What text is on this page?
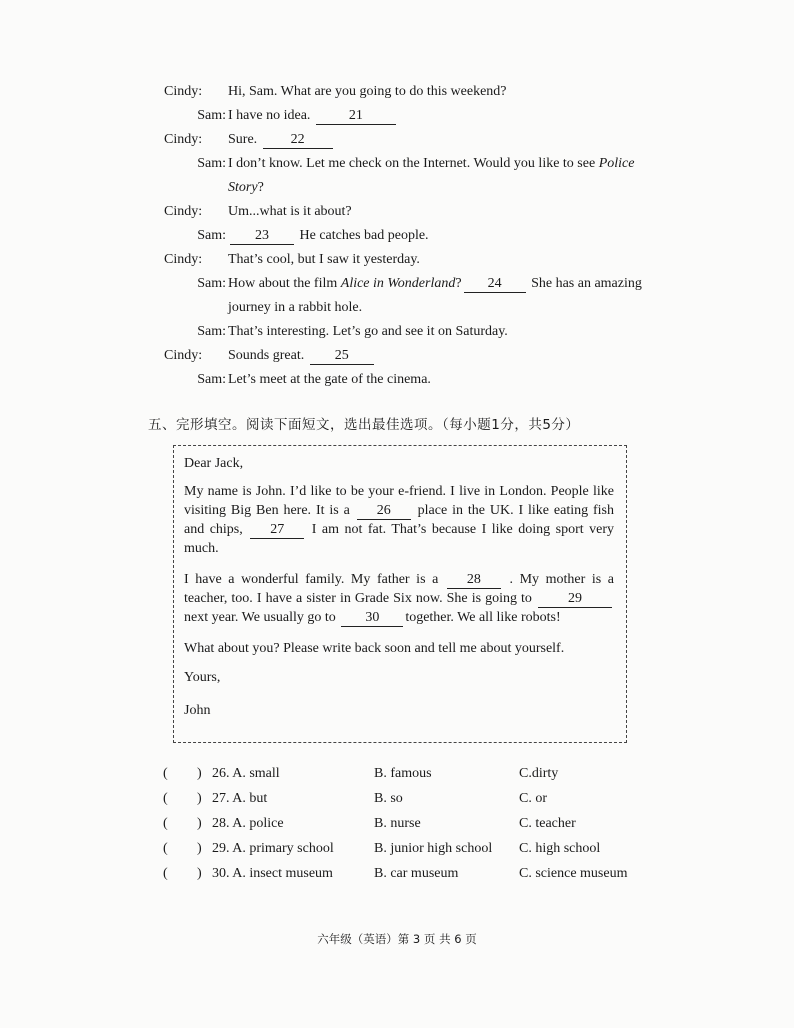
Cindy:	Hi, Sam. What are you going to do this weekend?
Sam: I have no idea.	21
Cindy:	Sure. 22
Sam: I don’t know. Let me check on the Internet. Would you like to see Police Story?
Cindy:	Um...what is it about?
Sam:	23 He catches bad people.
Cindy:	That’s cool, but I saw it yesterday.
Sam: How about the film Alice in Wonderland? 24 She has an amazing journey in a rabbit hole.
Sam: That’s interesting. Let’s go and see it on Saturday.
Cindy:	Sounds great. 25
Sam: Let’s meet at the gate of the cinema.
五、完形填空。阅读下面短文，选出最佳选项。（每小题1分，共5分）

Dear Jack,

My name is John. I’d like to be your e-friend. I live in London. People like visiting Big Ben here. It is a 26 place in the UK. I like eating fish and chips, 27 I am not fat. That’s because I like doing sport very much.

I have a wonderful family. My father is a 28 . My mother is a teacher, too. I have a sister in Grade Six now. She is going to 29 next year. We usually go to 30 together. We all like robots!

What about you? Please write back soon and tell me about yourself.

Yours,

John

(	) 26. A. small	B. famous	C.dirty
(	) 27. A. but	B. so	C. or
(	) 28. A. police	B. nurse	C. teacher
(	) 29. A. primary school	B. junior high school	C. high school
(	) 30. A. insect museum	B. car museum	C. science museum
六年级（英语）第 3 页 共 6 页
